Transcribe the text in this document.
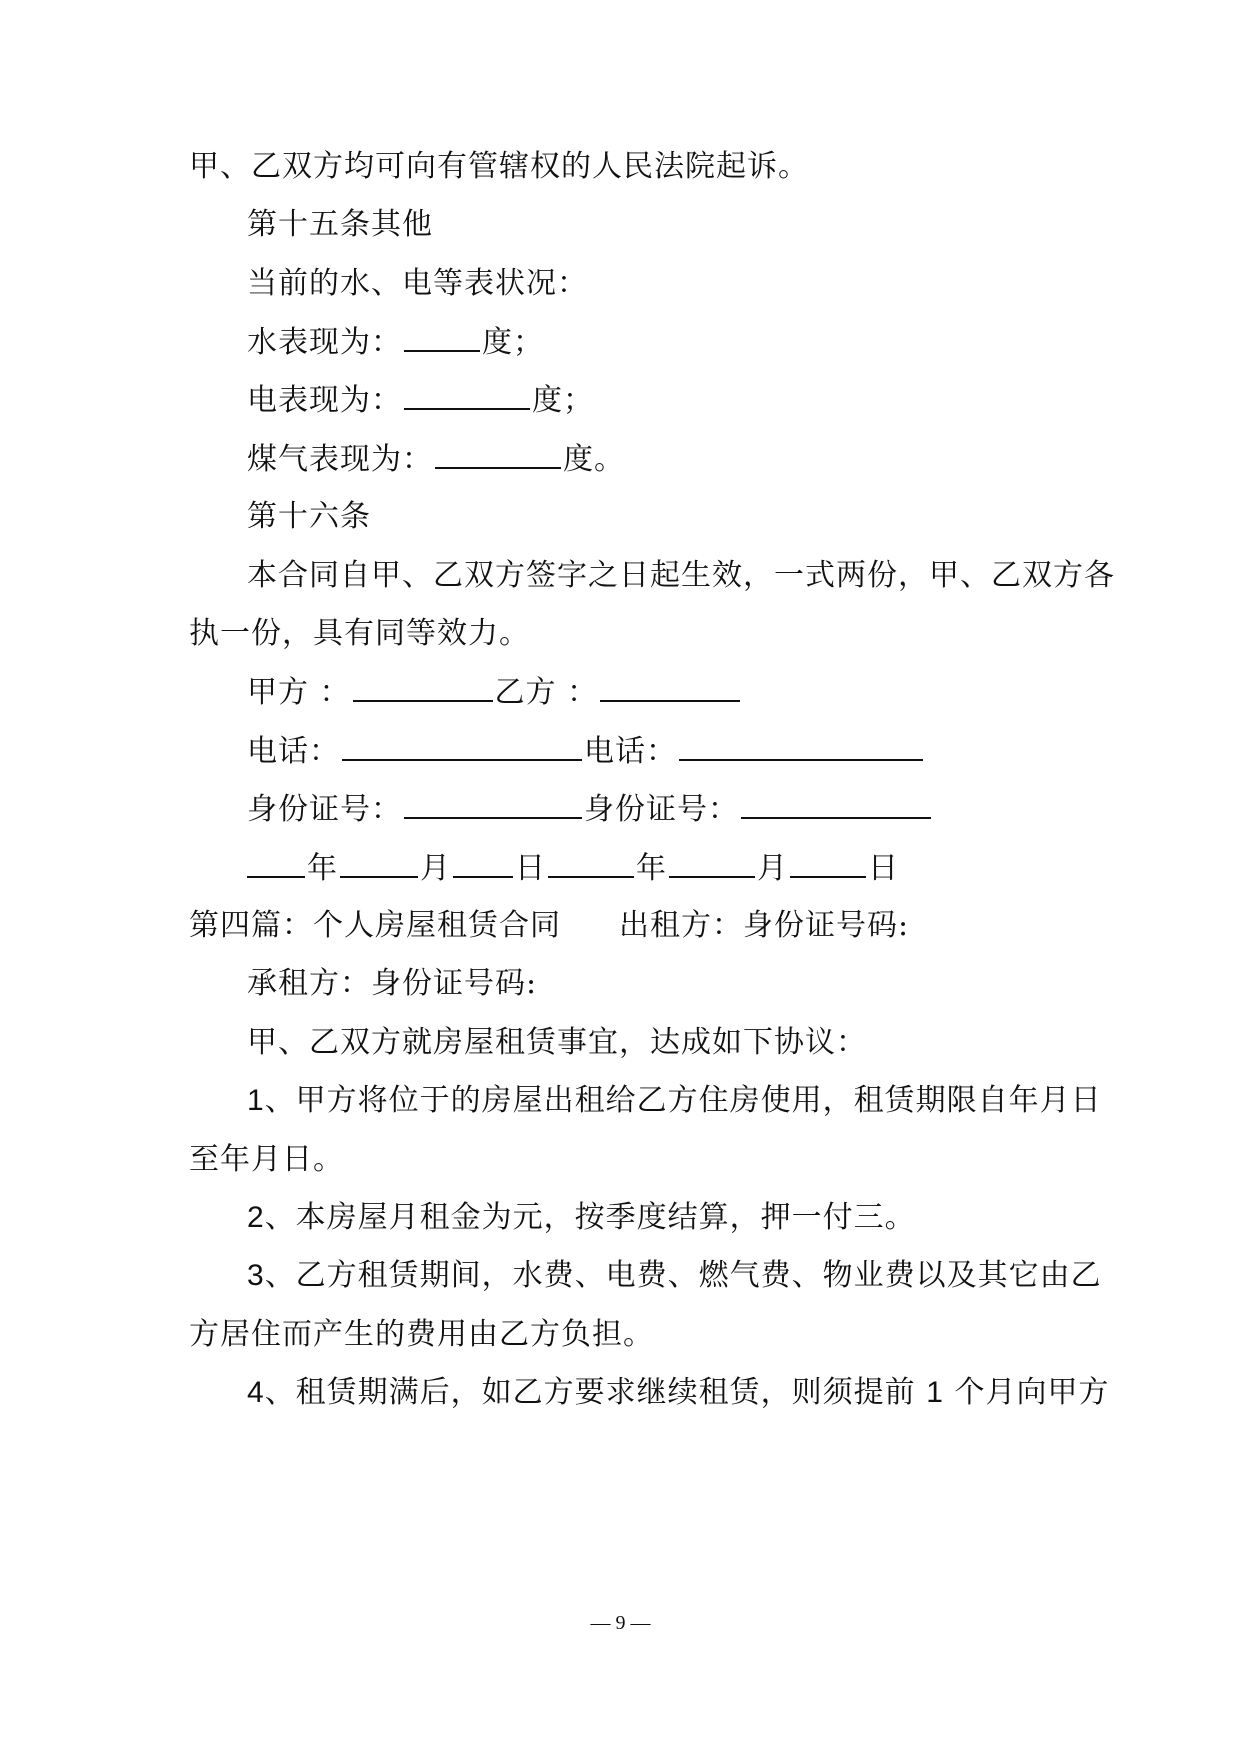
甲、乙双方均可向有管辖权的人民法院起诉。
第十五条其他
当前的水、电等表状况：
水表现为：	度；
电表现为：	度；
煤气表现为：	度。
第十六条
本合同自甲、乙双方签字之日起生效，一式两份，甲、乙双方各
执一份，具有同等效力。
甲方 ：	乙方 ：
电话：	电话：
身份证号：	身份证号：
年	月 日	年	月	日
第四篇：个人房屋租赁合同 出租方：身份证号码:
承租方：身份证号码:
甲、乙双方就房屋租赁事宜，达成如下协议：
1、甲方将位于的房屋出租给乙方住房使用，租赁期限自年月日
至年月日。
2、本房屋月租金为元，按季度结算，押一付三。
3、乙方租赁期间，水费、电费、燃气费、物业费以及其它由乙
方居住而产生的费用由乙方负担。
4、租赁期满后，如乙方要求继续租赁，则须提前 1 个月向甲方
— 9 —
